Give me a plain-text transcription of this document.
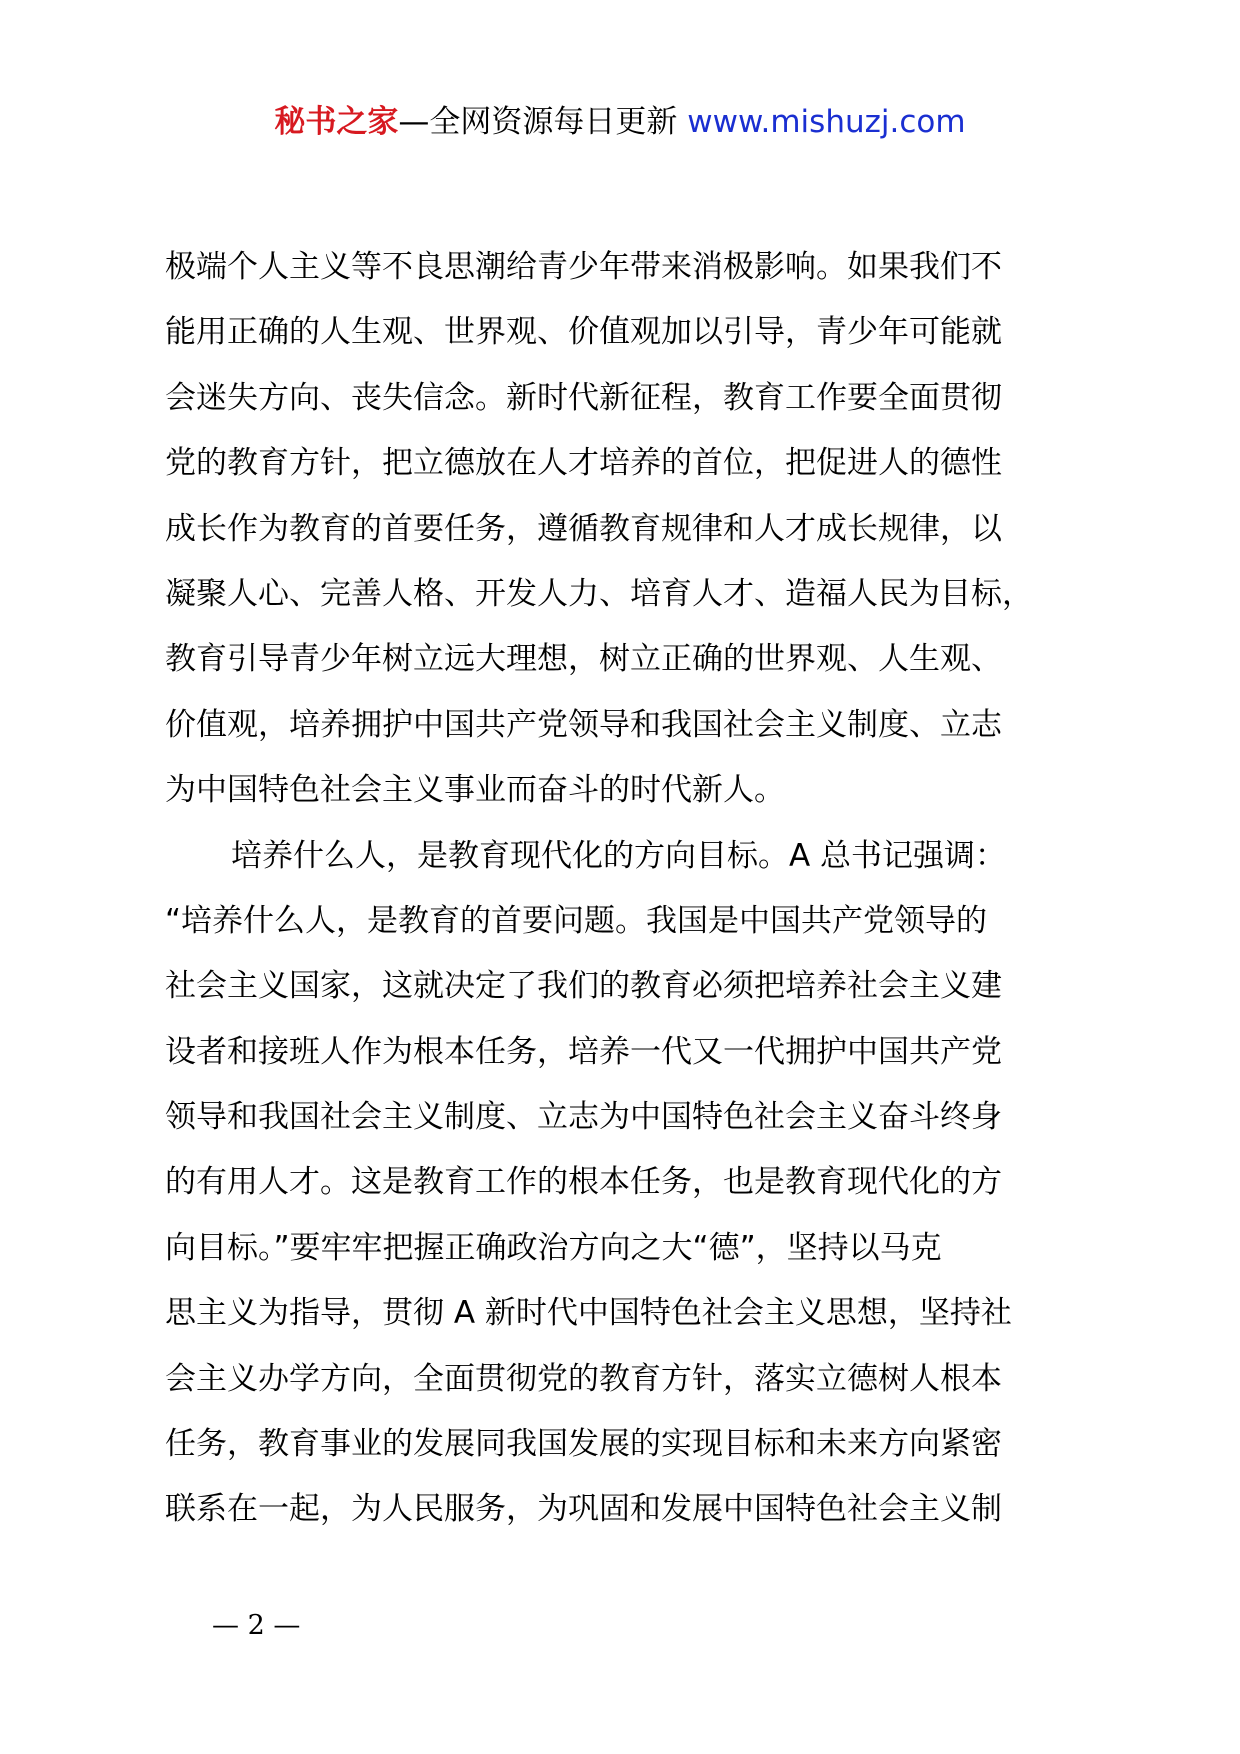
秘书之家—全网资源每日更新 www.mishuzj.com
极端个人主义等不良思潮给青少年带来消极影响。如果我们不
能用正确的人生观、世界观、价值观加以引导，青少年可能就
会迷失方向、丧失信念。新时代新征程，教育工作要全面贯彻
党的教育方针，把立德放在人才培养的首位，把促进人的德性
成长作为教育的首要任务，遵循教育规律和人才成长规律，以
凝聚人心、完善人格、开发人力、培育人才、造福人民为目标，
教育引导青少年树立远大理想，树立正确的世界观、人生观、
价值观，培养拥护中国共产党领导和我国社会主义制度、立志
为中国特色社会主义事业而奋斗的时代新人。
培养什么人，是教育现代化的方向目标。A 总书记强调：
“培养什么人，是教育的首要问题。我国是中国共产党领导的
社会主义国家，这就决定了我们的教育必须把培养社会主义建
设者和接班人作为根本任务，培养一代又一代拥护中国共产党
领导和我国社会主义制度、立志为中国特色社会主义奋斗终身
的有用人才。这是教育工作的根本任务，也是教育现代化的方
向目标。”要牢牢把握正确政治方向之大“德”，坚持以马克
思主义为指导，贯彻 A 新时代中国特色社会主义思想，坚持社
会主义办学方向，全面贯彻党的教育方针，落实立德树人根本
任务，教育事业的发展同我国发展的实现目标和未来方向紧密
联系在一起，为人民服务，为巩固和发展中国特色社会主义制
— 2 —
